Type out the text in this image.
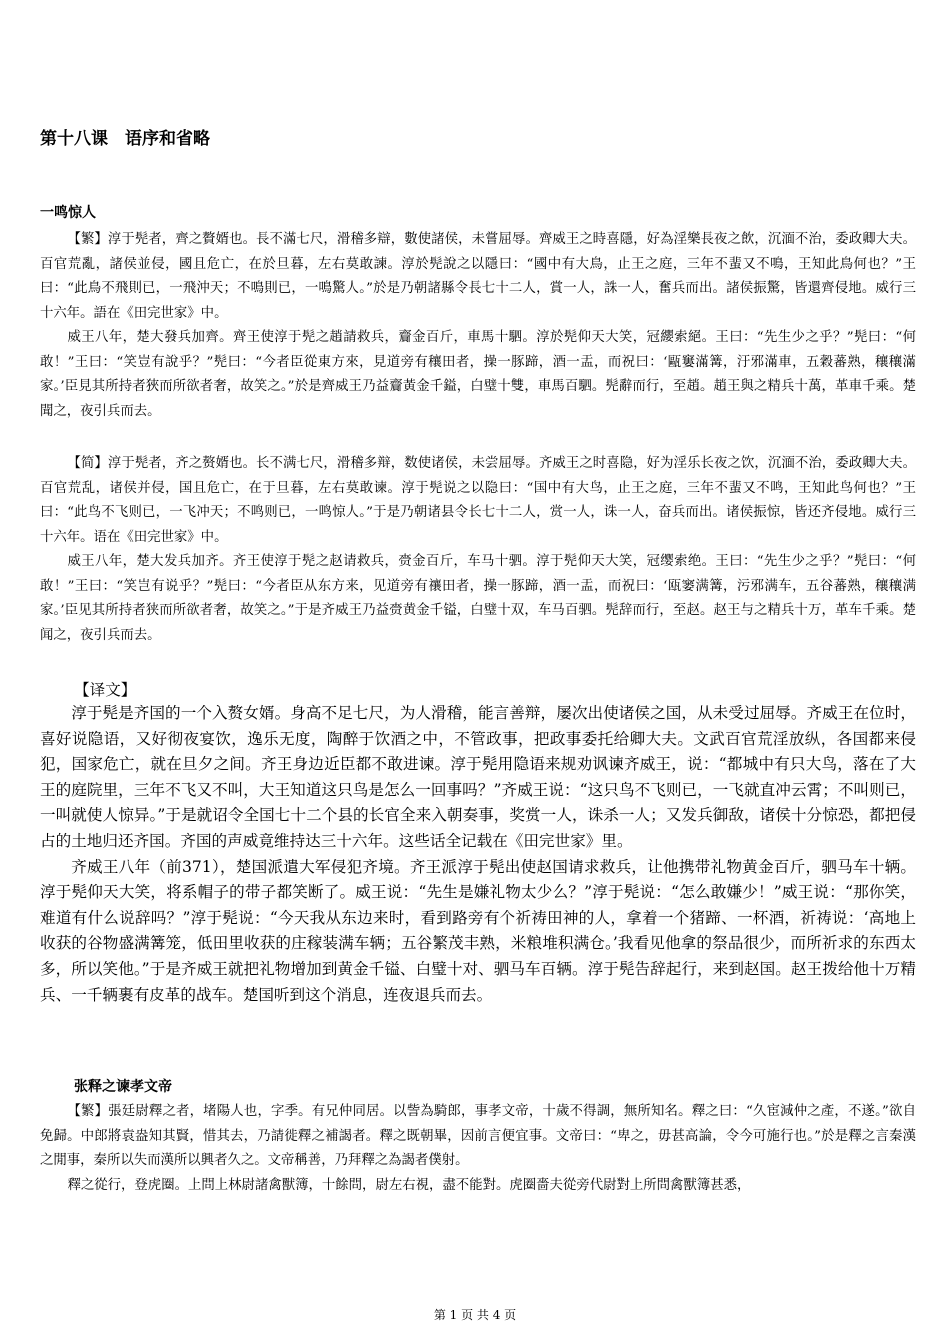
第十八课　语序和省略
一鸣惊人

【繁】淳于髡者，齊之贅婿也。長不滿七尺，滑稽多辯，數使諸侯，未嘗屈辱。齊威王之時喜隱，好為淫樂長夜之飲，沉湎不治，委政卿大夫。百官荒亂，諸侯並侵，國且危亡，在於旦暮，左右莫敢諫。淳於髡說之以隱曰：“國中有大鳥，止王之庭，三年不蜚又不鳴，王知此鳥何也？”王曰：“此鳥不飛則已，一飛沖天；不鳴則已，一鳴驚人。”於是乃朝諸縣令長七十二人，賞一人，誅一人，奮兵而出。諸侯振驚，皆還齊侵地。威行三十六年。語在《田完世家》中。

威王八年，楚大發兵加齊。齊王使淳于髡之趙請救兵，齎金百斤，車馬十駟。淳於髡仰天大笑，冠纓索絕。王曰：“先生少之乎？”髡曰：“何敢！”王曰：“笑豈有說乎？”髡曰：“今者臣從東方來，見道旁有穰田者，操一豚蹄，酒一盂，而祝曰：‘甌窶滿篝，汙邪滿車，五穀蕃熟，穰穰滿家。’臣見其所持者狹而所欲者奢，故笑之。”於是齊威王乃益齎黃金千鎰，白璧十雙，車馬百駟。髡辭而行，至趙。趙王與之精兵十萬，革車千乘。楚聞之，夜引兵而去。

【简】淳于髡者，齐之赘婿也。长不满七尺，滑稽多辩，数使诸侯，未尝屈辱。齐威王之时喜隐，好为淫乐长夜之饮，沉湎不治，委政卿大夫。百官荒乱，诸侯并侵，国且危亡，在于旦暮，左右莫敢谏。淳于髡说之以隐曰：“国中有大鸟，止王之庭，三年不蜚又不鸣，王知此鸟何也？”王曰：“此鸟不飞则已，一飞冲天；不鸣则已，一鸣惊人。”于是乃朝诸县令长七十二人，赏一人，诛一人，奋兵而出。诸侯振惊，皆还齐侵地。威行三十六年。语在《田完世家》中。

威王八年，楚大发兵加齐。齐王使淳于髡之赵请救兵，赍金百斤，车马十驷。淳于髡仰天大笑，冠缨索绝。王曰：“先生少之乎？”髡曰：“何敢！”王曰：“笑岂有说乎？”髡曰：“今者臣从东方来，见道旁有禳田者，操一豚蹄，酒一盂，而祝曰：‘瓯窭满篝，污邪满车，五谷蕃熟，穰穰满家。’臣见其所持者狭而所欲者奢，故笑之。”于是齐威王乃益赍黄金千镒，白璧十双，车马百驷。髡辞而行，至赵。赵王与之精兵十万，革车千乘。楚闻之，夜引兵而去。

【译文】

淳于髡是齐国的一个入赘女婿。身高不足七尺，为人滑稽，能言善辩，屡次出使诸侯之国，从未受过屈辱。齐威王在位时，喜好说隐语，又好彻夜宴饮，逸乐无度，陶醉于饮酒之中，不管政事，把政事委托给卿大夫。文武百官荒淫放纵，各国都来侵犯，国家危亡，就在旦夕之间。齐王身边近臣都不敢进谏。淳于髡用隐语来规劝讽谏齐威王，说：“都城中有只大鸟，落在了大王的庭院里，三年不飞又不叫，大王知道这只鸟是怎么一回事吗？”齐威王说：“这只鸟不飞则已，一飞就直冲云霄；不叫则已，一叫就使人惊异。”于是就诏令全国七十二个县的长官全来入朝奏事，奖赏一人，诛杀一人；又发兵御敌，诸侯十分惊恐，都把侵占的土地归还齐国。齐国的声威竟维持达三十六年。这些话全记载在《田完世家》里。

齐威王八年（前371），楚国派遣大军侵犯齐境。齐王派淳于髡出使赵国请求救兵，让他携带礼物黄金百斤，驷马车十辆。淳于髡仰天大笑，将系帽子的带子都笑断了。威王说：“先生是嫌礼物太少么？”淳于髡说：“怎么敢嫌少！”威王说：“那你笑，难道有什么说辞吗？”淳于髡说：“今天我从东边来时，看到路旁有个祈祷田神的人，拿着一个猪蹄、一杯酒，祈祷说：‘高地上收获的谷物盛满篝笼，低田里收获的庄稼装满车辆；五谷繁茂丰熟，米粮堆积满仓。’我看见他拿的祭品很少，而所祈求的东西太多，所以笑他。”于是齐威王就把礼物增加到黄金千镒、白璧十对、驷马车百辆。淳于髡告辞起行，来到赵国。赵王拨给他十万精兵、一千辆裹有皮革的战车。楚国听到这个消息，连夜退兵而去。

张释之谏孝文帝

【繁】張廷尉釋之者，堵陽人也，字季。有兄仲同居。以訾為騎郎，事孝文帝，十歲不得調，無所知名。釋之曰：“久宦減仲之產，不遂。”欲自免歸。中郎將袁盎知其賢，惜其去，乃請徙釋之補謁者。釋之既朝畢，因前言便宜事。文帝曰：“卑之，毋甚高論，令今可施行也。”於是釋之言秦漢之閒事，秦所以失而漢所以興者久之。文帝稱善，乃拜釋之為謁者僕射。

釋之從行，登虎圈。上問上林尉諸禽獸簿，十餘問，尉左右視，盡不能對。虎圈嗇夫從旁代尉對上所問禽獸簿甚悉，

第 1 页 共 4 页
